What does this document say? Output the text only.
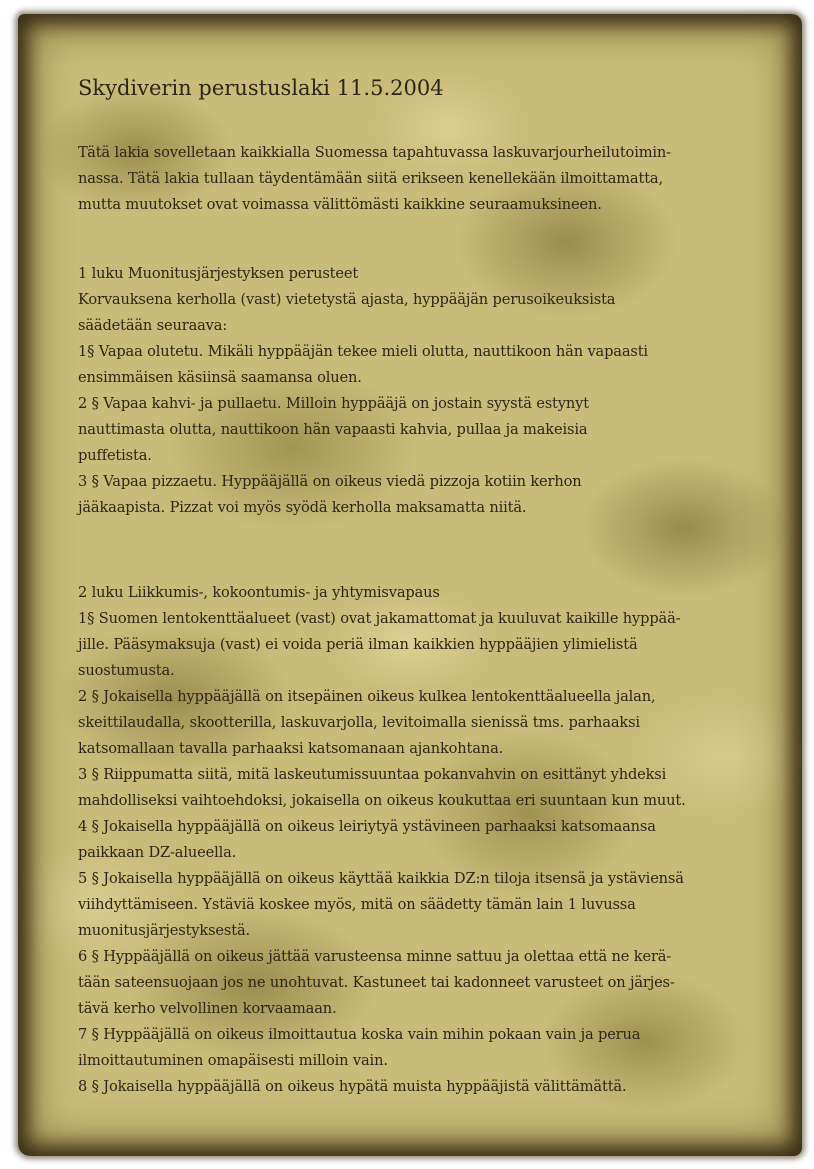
Skydiverin perustuslaki 11.5.2004
Tätä lakia sovelletaan kaikkialla Suomessa tapahtuvassa laskuvarjourheilutoimin-
nassa. Tätä lakia tullaan täydentämään siitä erikseen kenellekään ilmoittamatta,
mutta muutokset ovat voimassa välittömästi kaikkine seuraamuksineen.
1 luku Muonitusjärjestyksen perusteet
Korvauksena kerholla (vast) vietetystä ajasta, hyppääjän perusoikeuksista
säädetään seuraava:
1§ Vapaa olutetu. Mikäli hyppääjän tekee mieli olutta, nauttikoon hän vapaasti
ensimmäisen käsiinsä saamansa oluen.
2 § Vapaa kahvi- ja pullaetu. Milloin hyppääjä on jostain syystä estynyt
nauttimasta olutta, nauttikoon hän vapaasti kahvia, pullaa ja makeisia
puffetista.
3 § Vapaa pizzaetu. Hyppääjällä on oikeus viedä pizzoja kotiin kerhon
jääkaapista. Pizzat voi myös syödä kerholla maksamatta niitä.
2 luku Liikkumis-, kokoontumis- ja yhtymisvapaus
1§ Suomen lentokenttäalueet (vast) ovat jakamattomat ja kuuluvat kaikille hyppää-
jille. Pääsymaksuja (vast) ei voida periä ilman kaikkien hyppääjien ylimielistä
suostumusta.
2 § Jokaisella hyppääjällä on itsepäinen oikeus kulkea lentokenttäalueella jalan,
skeittilaudalla, skootterilla, laskuvarjolla, levitoimalla sienissä tms. parhaaksi
katsomallaan tavalla parhaaksi katsomanaan ajankohtana.
3 § Riippumatta siitä, mitä laskeutumissuuntaa pokanvahvin on esittänyt yhdeksi
mahdolliseksi vaihtoehdoksi, jokaisella on oikeus koukuttaa eri suuntaan kun muut.
4 § Jokaisella hyppääjällä on oikeus leiriytyä ystävineen parhaaksi katsomaansa
paikkaan DZ-alueella.
5 § Jokaisella hyppääjällä on oikeus käyttää kaikkia DZ:n tiloja itsensä ja ystäviensä
viihdyttämiseen. Ystäviä koskee myös, mitä on säädetty tämän lain 1 luvussa
muonitusjärjestyksestä.
6 § Hyppääjällä on oikeus jättää varusteensa minne sattuu ja olettaa että ne kerä-
tään sateensuojaan jos ne unohtuvat. Kastuneet tai kadonneet varusteet on järjes-
tävä kerho velvollinen korvaamaan.
7 § Hyppääjällä on oikeus ilmoittautua koska vain mihin pokaan vain ja perua
ilmoittautuminen omapäisesti milloin vain.
8 § Jokaisella hyppääjällä on oikeus hypätä muista hyppääjistä välittämättä.
